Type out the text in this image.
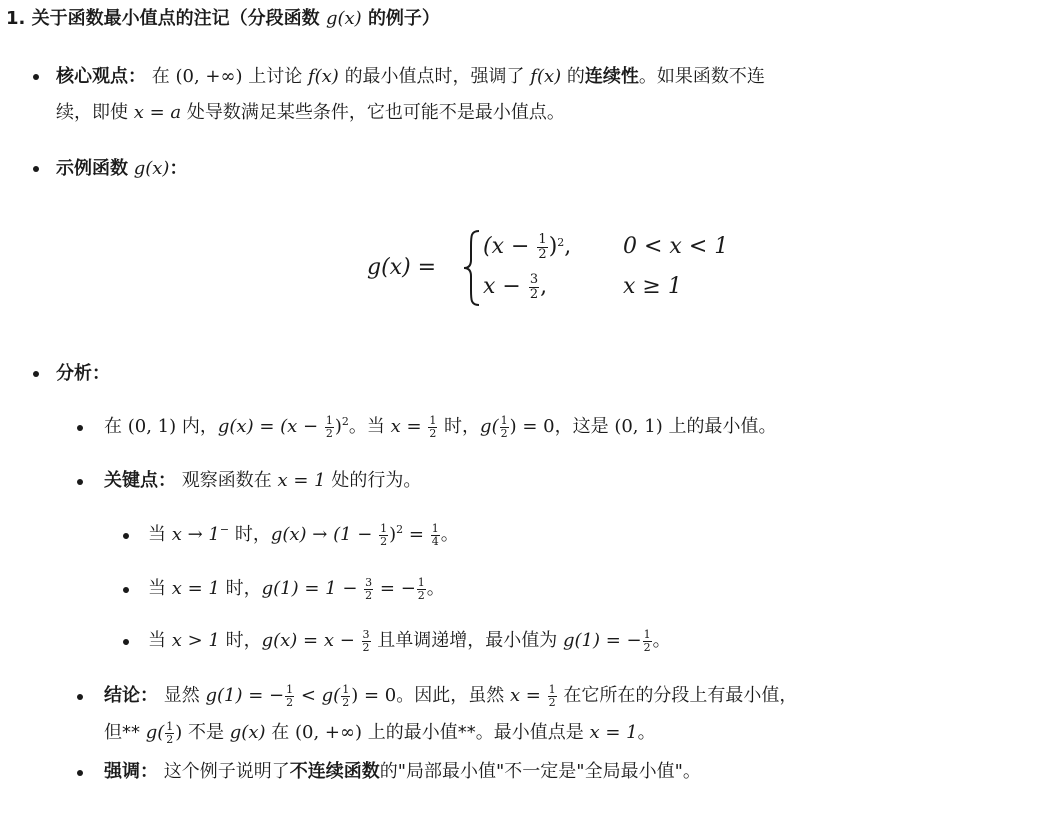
1. 关于函数最小值点的注记（分段函数 g(x) 的例子）
核心观点： 在 (0, +∞) 上讨论 f(x) 的最小值点时，强调了 f(x) 的连续性。如果函数不连
续，即使 x = a 处导数满足某些条件，它也可能不是最小值点。
示例函数 g(x)：
g(x) =
$(x - \frac{1}{2} )^2$, 0 < x < 1
$x - \frac{3}{2}$ ,	x ≥ 1
分析：
在 (0, 1) 内，$g(x) = (x - \frac{1}{2} )^2$。当 $x = \frac{1}{2}$ 时，$g( \frac{1}{2}$ ) = 0，这是 (0, 1) 上的最小值。
关键点： 观察函数在 x = 1 处的行为。
当 x → 1− 时，$g(x) \to (1 - \frac{1}{2} )^2 = \frac{1}{4}$ 。
当 x = 1 时，$g(1) = 1 - \frac{3}{2}$ = − $\frac{1}{2}$ 。
当 x > 1 时，$g(x) = x - \frac{3}{2}$ 且单调递增，最小值为 g(1) = − $\frac{1}{2}$ 。
结论： 显然 g(1) = − $\frac{1}{2} < g( \frac{1}{2}$ ) = 0。因此，虽然 $x = \frac{1}{2}$ 在它所在的分段上有最小值，
但** $g( \frac{1}{2}$ ) 不是 g(x) 在 (0, +∞) 上的最小值**。最小值点是 x = 1。
强调： 这个例子说明了不连续函数的"局部最小值"不一定是"全局最小值"。
